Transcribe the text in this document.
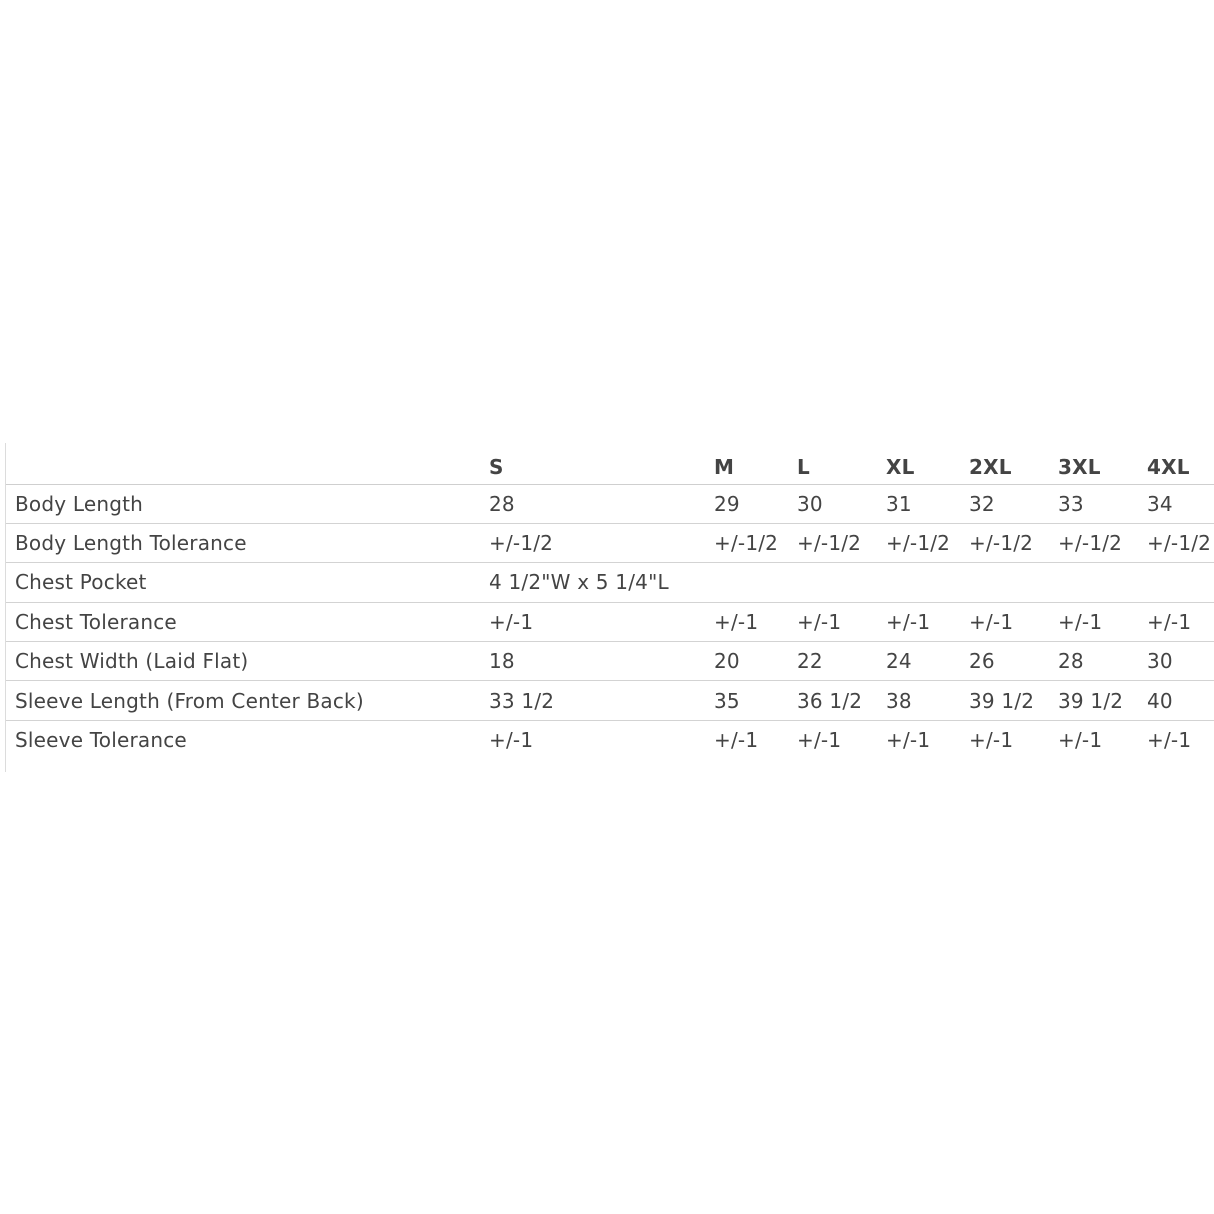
	S	M	L	XL	2XL	3XL	4XL
Body Length	28	29	30	31	32	33	34
Body Length Tolerance	+/-1/2	+/-1/2	+/-1/2	+/-1/2	+/-1/2	+/-1/2	+/-1/2
Chest Pocket	4 1/2"W x 5 1/4"L						
Chest Tolerance	+/-1	+/-1	+/-1	+/-1	+/-1	+/-1	+/-1
Chest Width (Laid Flat)	18	20	22	24	26	28	30
Sleeve Length (From Center Back)	33 1/2	35	36 1/2	38	39 1/2	39 1/2	40
Sleeve Tolerance	+/-1	+/-1	+/-1	+/-1	+/-1	+/-1	+/-1
